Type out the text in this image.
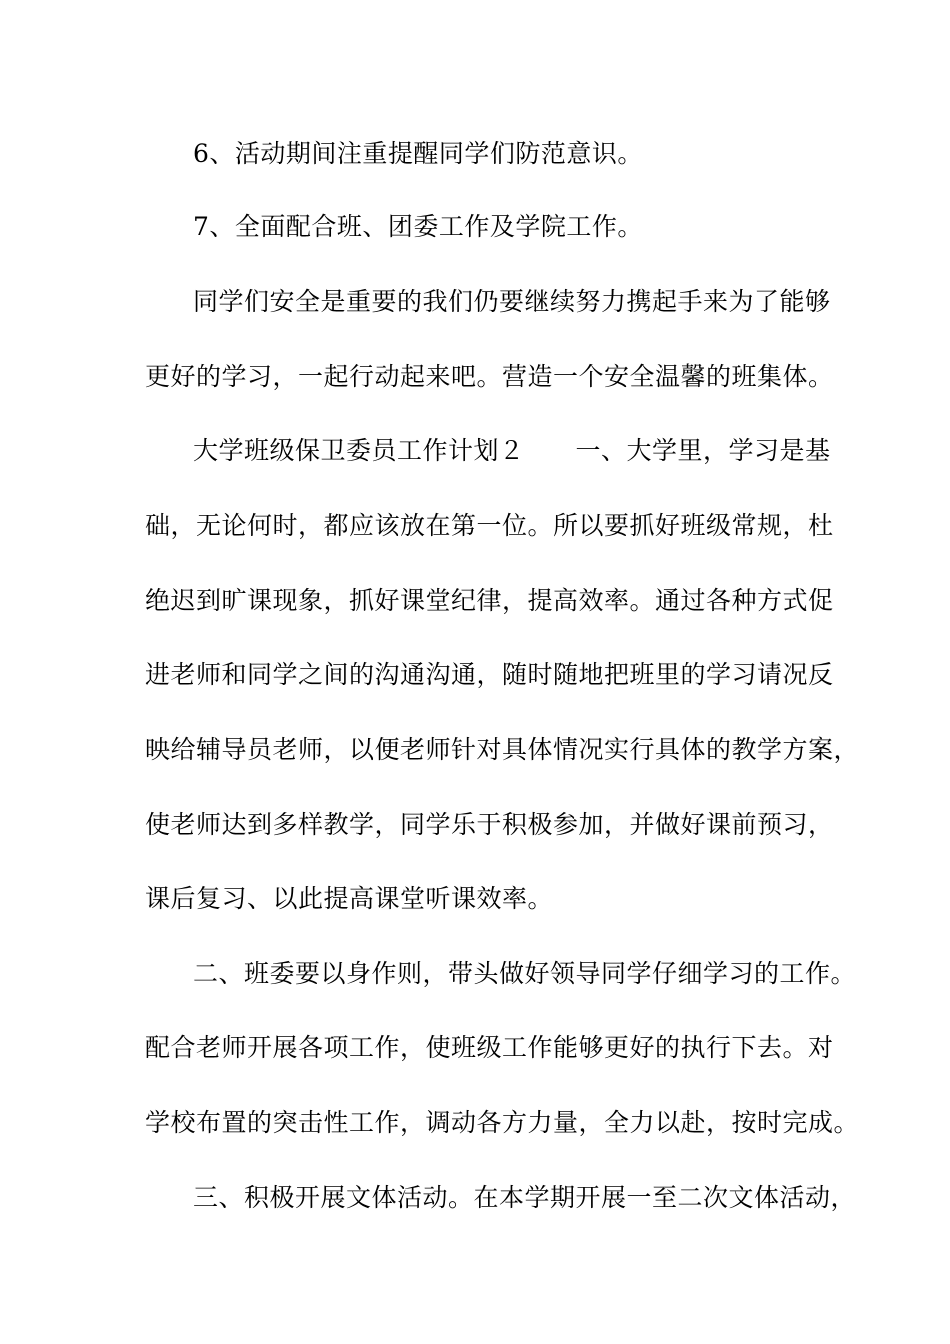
6、活动期间注重提醒同学们防范意识。
7、全面配合班、团委工作及学院工作。
同学们安全是重要的我们仍要继续努力携起手来为了能够
更好的学习，一起行动起来吧。营造一个安全温馨的班集体。
大学班级保卫委员工作计划２　　一、大学里，学习是基
础，无论何时，都应该放在第一位。所以要抓好班级常规，杜
绝迟到旷课现象，抓好课堂纪律，提高效率。通过各种方式促
进老师和同学之间的沟通沟通，随时随地把班里的学习请况反
映给辅导员老师，以便老师针对具体情况实行具体的教学方案，
使老师达到多样教学，同学乐于积极参加，并做好课前预习，
课后复习、以此提高课堂听课效率。
二、班委要以身作则，带头做好领导同学仔细学习的工作。
配合老师开展各项工作，使班级工作能够更好的执行下去。对
学校布置的突击性工作，调动各方力量，全力以赴，按时完成。
三、积极开展文体活动。在本学期开展一至二次文体活动，
